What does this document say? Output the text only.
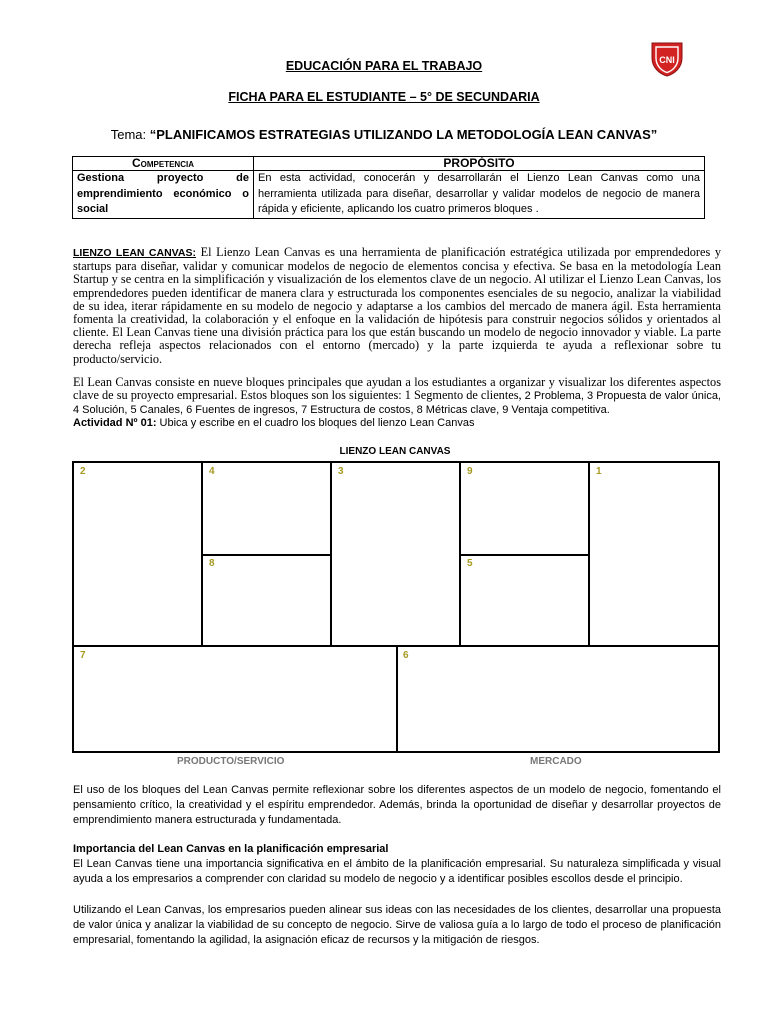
EDUCACIÓN PARA EL TRABAJO
FICHA PARA EL ESTUDIANTE – 5° DE SECUNDARIA
Tema: “PLANIFICAMOS ESTRATEGIAS UTILIZANDO LA METODOLOGÍA LEAN CANVAS”
CNI
Competencia	PROPÓSITO
Gestiona proyecto de emprendimiento económico o
social	En esta actividad, conocerán y desarrollarán el Lienzo Lean Canvas como una herramienta utilizada para diseñar, desarrollar y validar modelos de negocio de manera rápida y eficiente, aplicando los cuatro primeros bloques .
LIENZO LEAN CANVAS: El Lienzo Lean Canvas es una herramienta de planificación estratégica utilizada por emprendedores y startups para diseñar, validar y comunicar modelos de negocio de elementos concisa y efectiva. Se basa en la metodología Lean Startup y se centra en la simplificación y visualización de los elementos clave de un negocio. Al utilizar el Lienzo Lean Canvas, los emprendedores pueden identificar de manera clara y estructurada los componentes esenciales de su negocio, analizar la viabilidad de su idea, iterar rápidamente en su modelo de negocio y adaptarse a los cambios del mercado de manera ágil. Esta herramienta fomenta la creatividad, la colaboración y el enfoque en la validación de hipótesis para construir negocios sólidos y orientados al cliente. El Lean Canvas tiene una división práctica para los que están buscando un modelo de negocio innovador y viable. La parte derecha refleja aspectos relacionados con el entorno (mercado) y la parte izquierda te ayuda a reflexionar sobre tu producto/servicio.
El Lean Canvas consiste en nueve bloques principales que ayudan a los estudiantes a organizar y visualizar los diferentes aspectos clave de su proyecto empresarial. Estos bloques son los siguientes: 1 Segmento de clientes, 2 Problema, 3 Propuesta de valor única, 4 Solución, 5 Canales, 6 Fuentes de ingresos, 7 Estructura de costos, 8 Métricas clave, 9 Ventaja competitiva.
Actividad Nº 01: Ubica y escribe en el cuadro los bloques del lienzo Lean Canvas
LIENZO LEAN CANVAS
2	4	3	9	1
8	5
7	6
PRODUCTO/SERVICIO	MERCADO
El uso de los bloques del Lean Canvas permite reflexionar sobre los diferentes aspectos de un modelo de negocio, fomentando el pensamiento crítico, la creatividad y el espíritu emprendedor. Además, brinda la oportunidad de diseñar y desarrollar proyectos de emprendimiento manera estructurada y fundamentada.
Importancia del Lean Canvas en la planificación empresarial
El Lean Canvas tiene una importancia significativa en el ámbito de la planificación empresarial. Su naturaleza simplificada y visual ayuda a los empresarios a comprender con claridad su modelo de negocio y a identificar posibles escollos desde el principio.
Utilizando el Lean Canvas, los empresarios pueden alinear sus ideas con las necesidades de los clientes, desarrollar una propuesta de valor única y analizar la viabilidad de su concepto de negocio. Sirve de valiosa guía a lo largo de todo el proceso de planificación empresarial, fomentando la agilidad, la asignación eficaz de recursos y la mitigación de riesgos.
